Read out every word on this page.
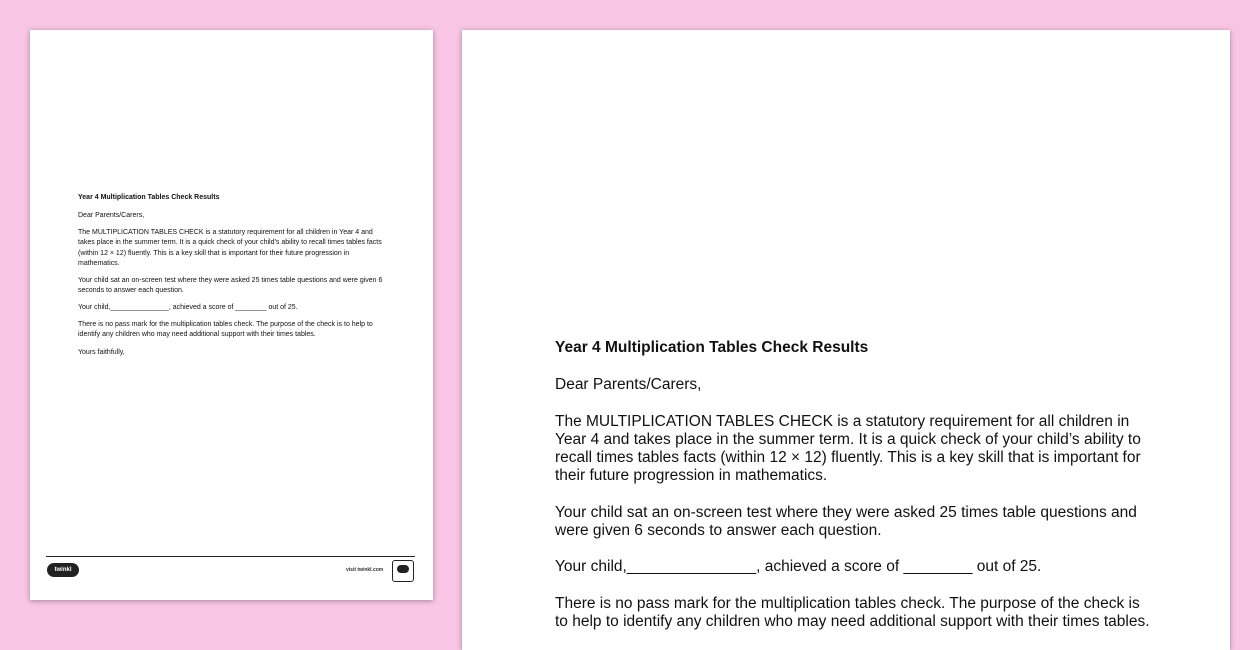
Year 4 Multiplication Tables Check Results

Dear Parents/Carers,

The MULTIPLICATION TABLES CHECK is a statutory requirement for all children in Year 4 and takes place in the summer term. It is a quick check of your child’s ability to recall times tables facts (within 12 × 12) fluently. This is a key skill that is important for their future progression in mathematics.

Your child sat an on-screen test where they were asked 25 times table questions and were given 6 seconds to answer each question.

Your child,_______________, achieved a score of ________ out of 25.

There is no pass mark for the multiplication tables check. The purpose of the check is to help to identify any children who may need additional support with their times tables.

Yours faithfully,

twinkl	visit twinkl.com
Year 4 Multiplication Tables Check Results

Dear Parents/Carers,

The MULTIPLICATION TABLES CHECK is a statutory requirement for all children in Year 4 and takes place in the summer term. It is a quick check of your child’s ability to recall times tables facts (within 12 × 12) fluently. This is a key skill that is important for their future progression in mathematics.

Your child sat an on-screen test where they were asked 25 times table questions and were given 6 seconds to answer each question.

Your child,_______________, achieved a score of ________ out of 25.

There is no pass mark for the multiplication tables check. The purpose of the check is to help to identify any children who may need additional support with their times tables.
